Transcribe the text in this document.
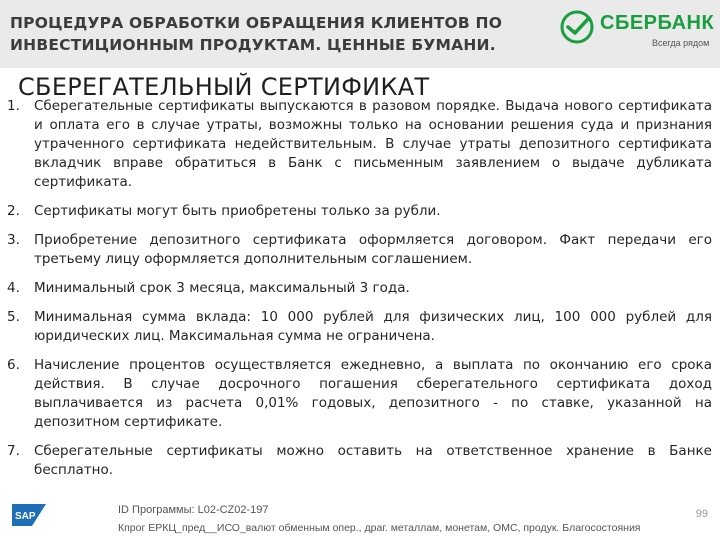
ПРОЦЕДУРА ОБРАБОТКИ ОБРАЩЕНИЯ КЛИЕНТОВ ПО
ИНВЕСТИЦИОННЫМ ПРОДУКТАМ. ЦЕННЫЕ БУМАНИ.
СБЕРБАНК
Всегда рядом
СБЕРЕГАТЕЛЬНЫЙ СЕРТИФИКАТ
1. Сберегательные сертификаты выпускаются в разовом порядке. Выдача нового сертификата и оплата его в случае утраты, возможны только на основании решения суда и признания утраченного сертификата недействительным. В случае утраты депозитного сертификата вкладчик вправе обратиться в Банк с письменным заявлением о выдаче дубликата сертификата.
2. Сертификаты могут быть приобретены только за рубли.
3. Приобретение депозитного сертификата оформляется договором. Факт передачи его третьему лицу оформляется дополнительным соглашением.
4. Минимальный срок 3 месяца, максимальный 3 года.
5. Минимальная сумма вклада: 10 000 рублей для физических лиц, 100 000 рублей для юридических лиц. Максимальная сумма не ограничена.
6. Начисление процентов осуществляется ежедневно, а выплата по окончанию его срока действия. В случае досрочного погашения сберегательного сертификата доход выплачивается из расчета 0,01% годовых, депозитного - по ставке, указанной на депозитном сертификате.
7. Сберегательные сертификаты можно оставить на ответственное хранение в Банке бесплатно.
SAP
ID Программы: L02-CZ02-197
Кпрог ЕРКЦ_пред__ИСО_валют обменным опер., драг. металлам, монетам, ОМС, продук. Благосостояния
99
